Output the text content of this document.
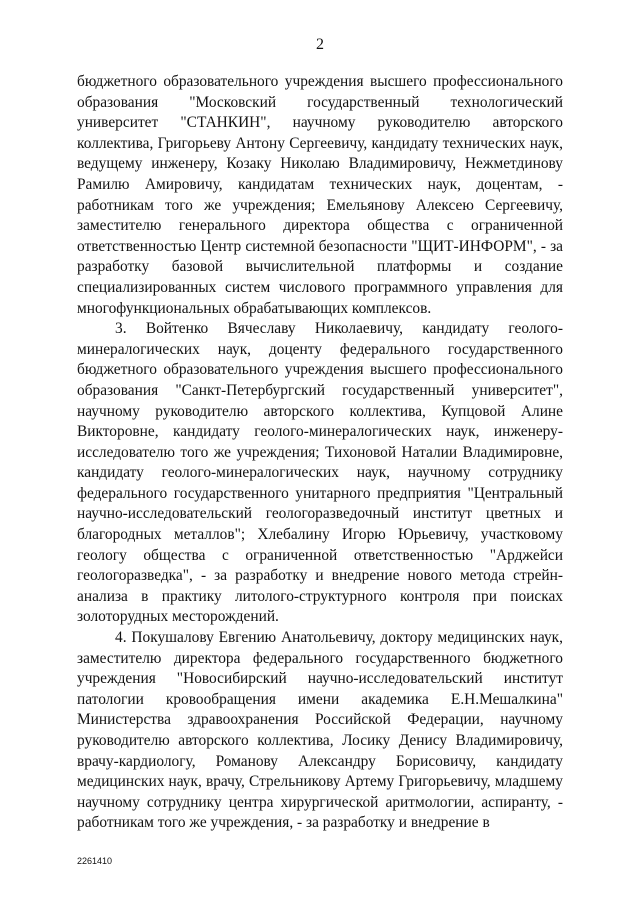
2

бюджетного образовательного учреждения высшего профессионального образования "Московский государственный технологический университет "СТАНКИН", научному руководителю авторского коллектива, Григорьеву Антону Сергеевичу, кандидату технических наук, ведущему инженеру, Козаку Николаю Владимировичу, Нежметдинову Рамилю Амировичу, кандидатам технических наук, доцентам, - работникам того же учреждения; Емельянову Алексею Сергеевичу, заместителю генерального директора общества с ограниченной ответственностью Центр системной безопасности "ЩИТ-ИНФОРМ", - за разработку базовой вычислительной платформы и создание специализированных систем числового программного управления для многофункциональных обрабатывающих комплексов.

3. Войтенко Вячеславу Николаевичу, кандидату геолого-минералогических наук, доценту федерального государственного бюджетного образовательного учреждения высшего профессионального образования "Санкт-Петербургский государственный университет", научному руководителю авторского коллектива, Купцовой Алине Викторовне, кандидату геолого-минералогических наук, инженеру-исследователю того же учреждения; Тихоновой Наталии Владимировне, кандидату геолого-минералогических наук, научному сотруднику федерального государственного унитарного предприятия "Центральный научно-исследовательский геологоразведочный институт цветных и благородных металлов"; Хлебалину Игорю Юрьевичу, участковому геологу общества с ограниченной ответственностью "Арджейси геологоразведка", - за разработку и внедрение нового метода стрейн-анализа в практику литолого-структурного контроля при поисках золоторудных месторождений.

4. Покушалову Евгению Анатольевичу, доктору медицинских наук, заместителю директора федерального государственного бюджетного учреждения "Новосибирский научно-исследовательский институт патологии кровообращения имени академика Е.Н.Мешалкина" Министерства здравоохранения Российской Федерации, научному руководителю авторского коллектива, Лосику Денису Владимировичу, врачу-кардиологу, Романову Александру Борисовичу, кандидату медицинских наук, врачу, Стрельникову Артему Григорьевичу, младшему научному сотруднику центра хирургической аритмологии, аспиранту, - работникам того же учреждения, - за разработку и внедрение в

2261410
